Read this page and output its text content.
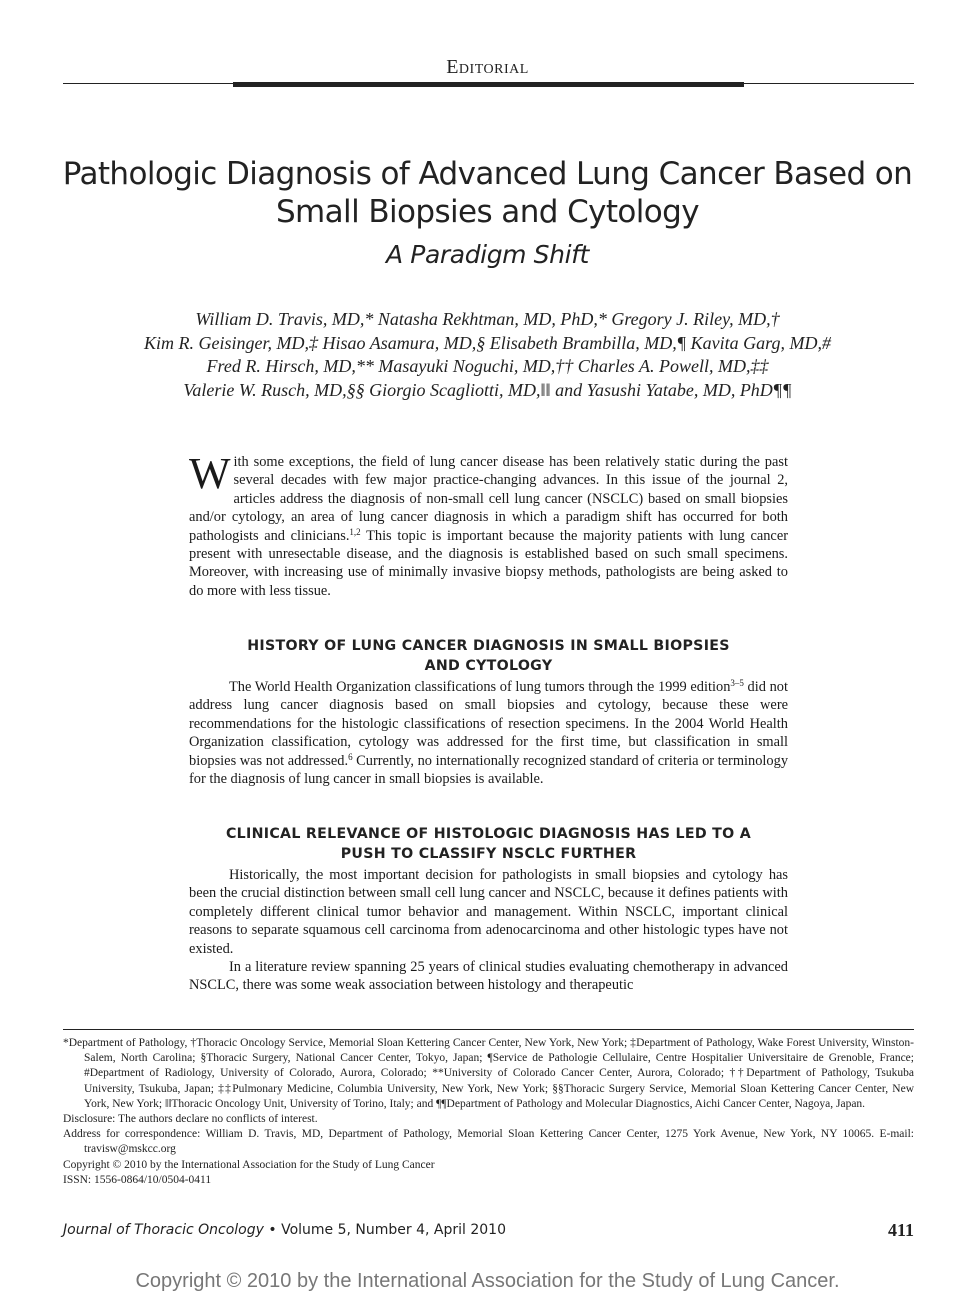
Editorial
Pathologic Diagnosis of Advanced Lung Cancer Based on
Small Biopsies and Cytology
A Paradigm Shift
William D. Travis, MD,* Natasha Rekhtman, MD, PhD,* Gregory J. Riley, MD,†
Kim R. Geisinger, MD,‡ Hisao Asamura, MD,§ Elisabeth Brambilla, MD,¶ Kavita Garg, MD,#
Fred R. Hirsch, MD,** Masayuki Noguchi, MD,†† Charles A. Powell, MD,‡‡
Valerie W. Rusch, MD,§§ Giorgio Scagliotti, MD,‖‖ and Yasushi Yatabe, MD, PhD¶¶
With some exceptions, the field of lung cancer disease has been relatively static during the past several decades with few major practice-changing advances. In this issue of the journal 2, articles address the diagnosis of non-small cell lung cancer (NSCLC) based on small biopsies and/or cytology, an area of lung cancer diagnosis in which a paradigm shift has occurred for both pathologists and clinicians.$^{1,2}$ This topic is important because the majority patients with lung cancer present with unresectable disease, and the diagnosis is established based on such small specimens. Moreover, with increasing use of minimally invasive biopsy methods, pathologists are being asked to do more with less tissue.
HISTORY OF LUNG CANCER DIAGNOSIS IN SMALL BIOPSIES
AND CYTOLOGY

The World Health Organization classifications of lung tumors through the 1999 edition$^{3-5}$ did not address lung cancer diagnosis based on small biopsies and cytology, because these were recommendations for the histologic classifications of resection specimens. In the 2004 World Health Organization classification, cytology was addressed for the first time, but classification in small biopsies was not addressed.$^6$ Currently, no internationally recognized standard of criteria or terminology for the diagnosis of lung cancer in small biopsies is available.

CLINICAL RELEVANCE OF HISTOLOGIC DIAGNOSIS HAS LED TO A
PUSH TO CLASSIFY NSCLC FURTHER

Historically, the most important decision for pathologists in small biopsies and cytology has been the crucial distinction between small cell lung cancer and NSCLC, because it defines patients with completely different clinical tumor behavior and management. Within NSCLC, important clinical reasons to separate squamous cell carcinoma from adenocarcinoma and other histologic types have not existed.

In a literature review spanning 25 years of clinical studies evaluating chemotherapy in advanced NSCLC, there was some weak association between histology and therapeutic

*Department of Pathology, †Thoracic Oncology Service, Memorial Sloan Kettering Cancer Center, New York, New York; ‡Department of Pathology, Wake Forest University, Winston-Salem, North Carolina; §Thoracic Surgery, National Cancer Center, Tokyo, Japan; ¶Service de Pathologie Cellulaire, Centre Hospitalier Universitaire de Grenoble, France; #Department of Radiology, University of Colorado, Aurora, Colorado; **University of Colorado Cancer Center, Aurora, Colorado; ††Department of Pathology, Tsukuba University, Tsukuba, Japan; ‡‡Pulmonary Medicine, Columbia University, New York, New York; §§Thoracic Surgery Service, Memorial Sloan Kettering Cancer Center, New York, New York; ‖‖Thoracic Oncology Unit, University of Torino, Italy; and ¶¶Department of Pathology and Molecular Diagnostics, Aichi Cancer Center, Nagoya, Japan.

Disclosure: The authors declare no conflicts of interest.

Address for correspondence: William D. Travis, MD, Department of Pathology, Memorial Sloan Kettering Cancer Center, 1275 York Avenue, New York, NY 10065. E-mail: travisw@mskcc.org

Copyright © 2010 by the International Association for the Study of Lung Cancer

ISSN: 1556-0864/10/0504-0411

Journal of Thoracic Oncology • Volume 5, Number 4, April 2010	411
Copyright © 2010 by the International Association for the Study of Lung Cancer.
